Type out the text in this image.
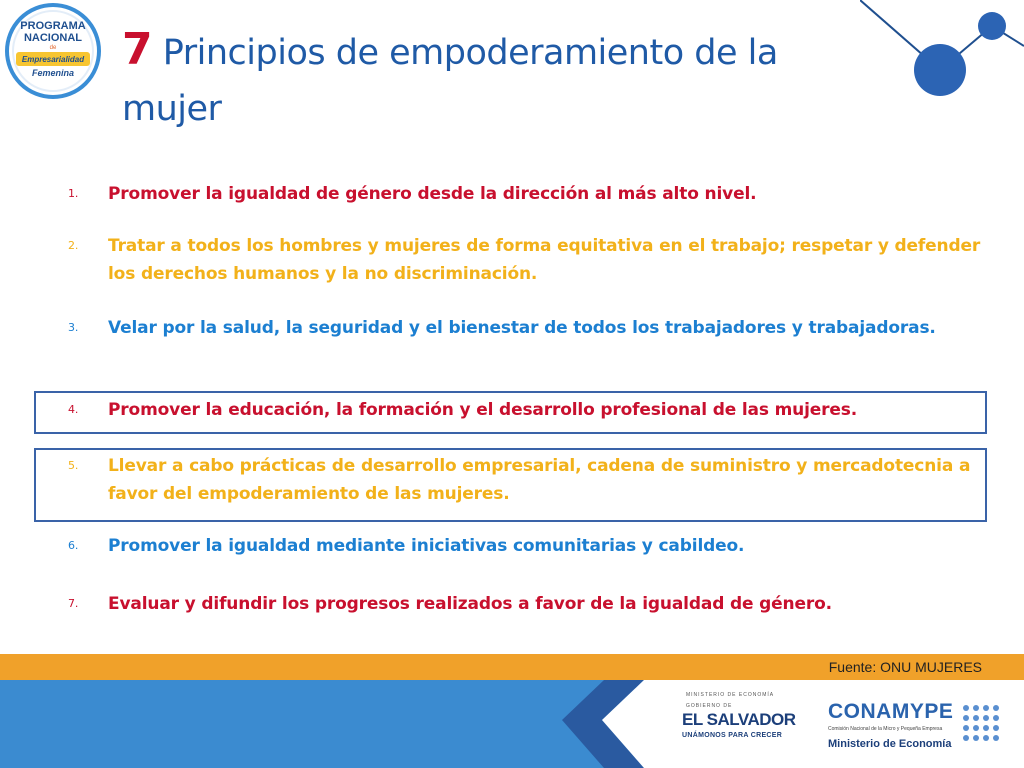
PROGRAMA
NACIONAL
de
Empresarialidad
Femenina 7 Principios de empoderamiento de la mujer
1.	Promover la igualdad de género desde la dirección al más alto nivel.
2.	Tratar a todos los hombres y mujeres de forma equitativa en el trabajo; respetar y defender los derechos humanos y la no discriminación.
3.	Velar por la salud, la seguridad y el bienestar de todos los trabajadores y trabajadoras.
4.	Promover la educación, la formación y el desarrollo profesional de las mujeres.
5.	Llevar a cabo prácticas de desarrollo empresarial, cadena de suministro y mercadotecnia a favor del empoderamiento de las mujeres.
6.	Promover la igualdad mediante iniciativas comunitarias y cabildeo.
7.	Evaluar y difundir los progresos realizados a favor de la igualdad de género.
Fuente: ONU MUJERES
MINISTERIO DE ECONOMÍA
GOBIERNO DE
EL SALVADOR
UNÁMONOS PARA CRECER
CONAMYPE
Comisión Nacional de la Micro y Pequeña Empresa
Ministerio de Economía
